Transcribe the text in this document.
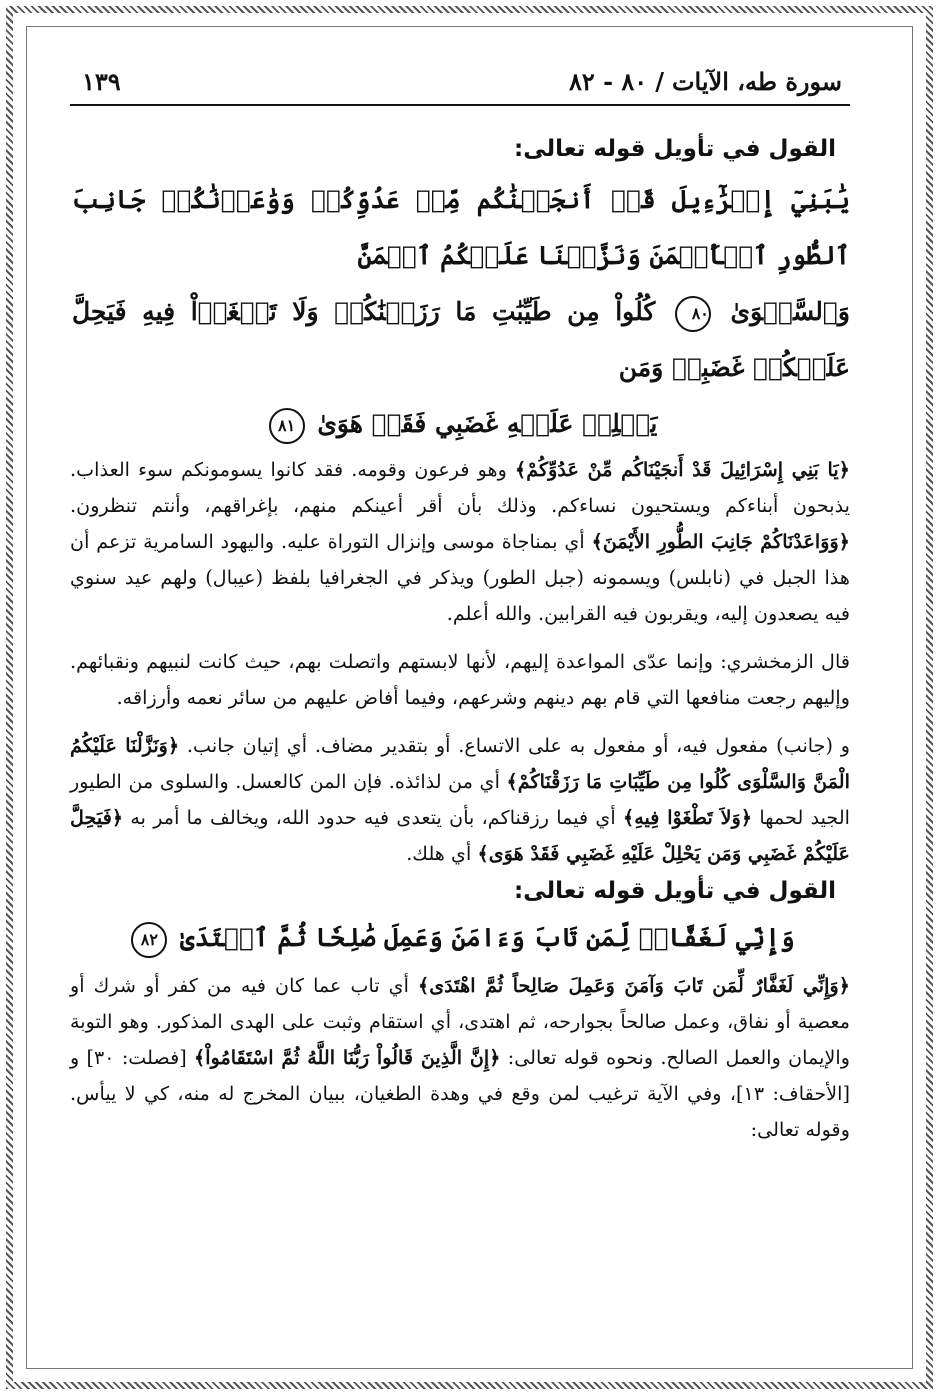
سورة طه، الآيات/٨٠ - ٨٢
١٣٩
القول في تأويل قوله تعالى:
يَٰبَنِيٓ إِسۡرَٰٓءِيلَ قَدۡ أَنجَيۡنَٰكُم مِّنۡ عَدُوِّكُمۡ وَوَٰعَدۡنَٰكُمۡ جَانِبَ ٱلطُّورِ ٱلۡأَيۡمَنَ وَنَزَّلۡنَا عَلَيۡكُمُ ٱلۡمَنَّ
وَٱلسَّلۡوَىٰ ٨٠ كُلُواْ مِن طَيِّبَٰتِ مَا رَزَقۡنَٰكُمۡ وَلَا تَطۡغَوۡاْ فِيهِ فَيَحِلَّ عَلَيۡكُمۡ غَضَبِيۖ وَمَن
يَحۡلِلۡ عَلَيۡهِ غَضَبِي فَقَدۡ هَوَىٰ ٨١

﴿يَا بَنِي إِسْرَائِيلَ قَدْ أَنجَيْنَاكُم مِّنْ عَدُوِّكُمْ﴾ وهو فرعون وقومه. فقد كانوا يسومونكم سوء العذاب. يذبحون أبناءكم ويستحيون نساءكم. وذلك بأن أقر أعينكم منهم، بإغراقهم، وأنتم تنظرون. ﴿وَوَاعَدْنَاكُمْ جَانِبَ الطُّورِ الأَيْمَنَ﴾ أي بمناجاة موسى وإنزال التوراة عليه. واليهود السامرية تزعم أن هذا الجبل في (نابلس) ويسمونه (جبل الطور) ويذكر في الجغرافيا بلفظ (عيبال) ولهم عيد سنوي فيه يصعدون إليه، ويقربون فيه القرابين. والله أعلم.

قال الزمخشري: وإنما عدّى المواعدة إليهم، لأنها لابستهم واتصلت بهم، حيث كانت لنبيهم ونقبائهم. وإليهم رجعت منافعها التي قام بهم دينهم وشرعهم، وفيما أفاض عليهم من سائر نعمه وأرزاقه.

و (جانب) مفعول فيه، أو مفعول به على الاتساع. أو بتقدير مضاف. أي إتيان جانب. ﴿وَنَزَّلْنَا عَلَيْكُمُ الْمَنَّ وَالسَّلْوَى كُلُوا مِن طَيِّبَاتِ مَا رَزَقْنَاكُمْ﴾ أي من لذائذه. فإن المن كالعسل. والسلوى من الطيور الجيد لحمها ﴿وَلاَ تَطْغَوْا فِيهِ﴾ أي فيما رزقناكم، بأن يتعدى فيه حدود الله، ويخالف ما أمر به ﴿فَيَحِلَّ عَلَيْكُمْ غَضَبِي وَمَن يَحْلِلْ عَلَيْهِ غَضَبِي فَقَدْ هَوَى﴾ أي هلك.

القول في تأويل قوله تعالى:
وَإِنِّي لَغَفَّارٞ لِّمَن تَابَ وَءَامَنَ وَعَمِلَ صَٰلِحٗا ثُمَّ ٱهۡتَدَىٰ ٨٢

﴿وَإِنِّي لَغَفَّارٌ لِّمَن تَابَ وَآمَنَ وَعَمِلَ صَالِحاً ثُمَّ اهْتَدَى﴾ أي تاب عما كان فيه من كفر أو شرك أو معصية أو نفاق، وعمل صالحاً بجوارحه، ثم اهتدى، أي استقام وثبت على الهدى المذكور. وهو التوبة والإيمان والعمل الصالح. ونحوه قوله تعالى: ﴿إِنَّ الَّذِينَ قَالُواْ رَبُّنَا اللَّهُ ثُمَّ اسْتَقَامُواْ﴾ [فصلت: ٣٠] و [الأحقاف: ١٣]، وفي الآية ترغيب لمن وقع في وهدة الطغيان، ببيان المخرج له منه، كي لا ييأس. وقوله تعالى:
